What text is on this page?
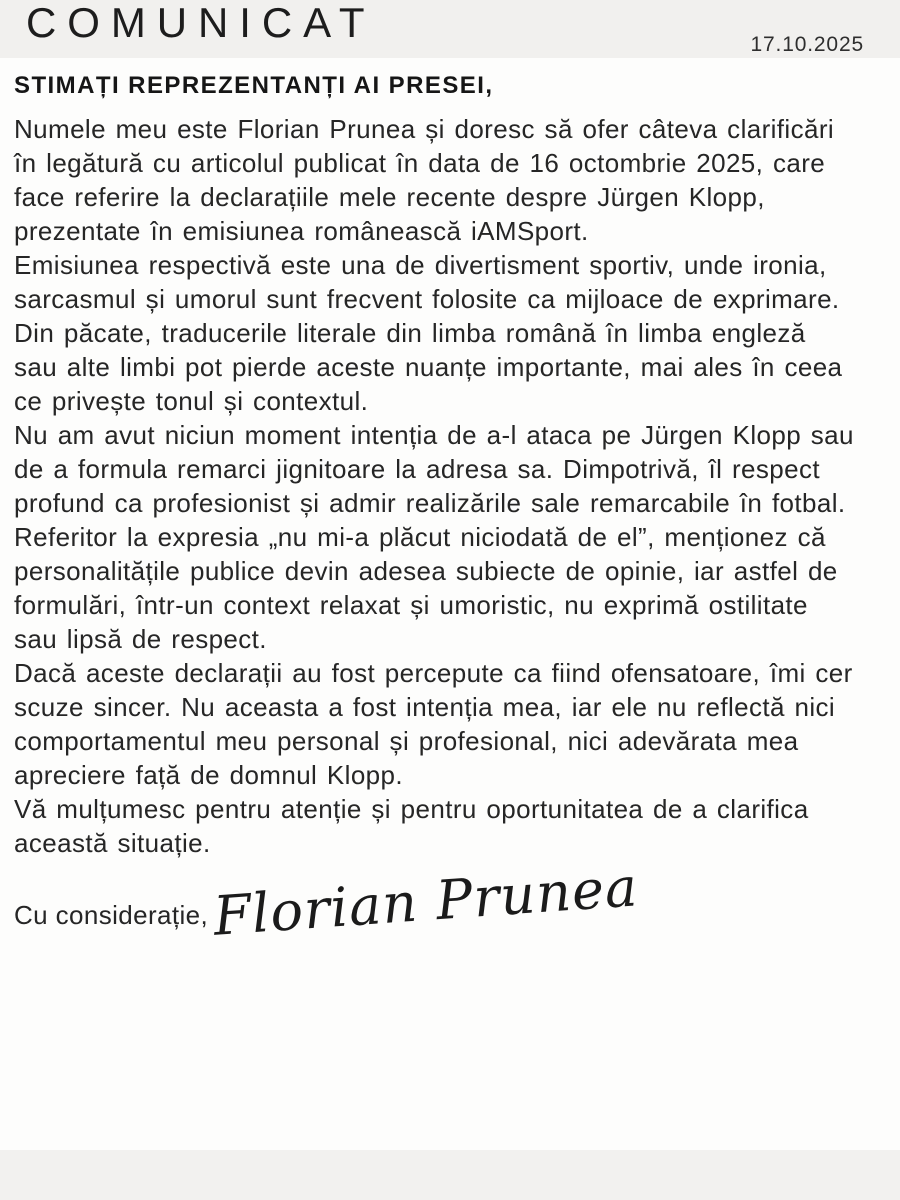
COMUNICAT	17.10.2025
STIMAȚI REPREZENTANȚI AI PRESEI,

Numele meu este Florian Prunea și doresc să ofer câteva clarificări în legătură cu articolul publicat în data de 16 octombrie 2025, care face referire la declarațiile mele recente despre Jürgen Klopp, prezentate în emisiunea românească iAMSport.

Emisiunea respectivă este una de divertisment sportiv, unde ironia, sarcasmul și umorul sunt frecvent folosite ca mijloace de exprimare. Din păcate, traducerile literale din limba română în limba engleză sau alte limbi pot pierde aceste nuanțe importante, mai ales în ceea ce privește tonul și contextul.

Nu am avut niciun moment intenția de a-l ataca pe Jürgen Klopp sau de a formula remarci jignitoare la adresa sa. Dimpotrivă, îl respect profund ca profesionist și admir realizările sale remarcabile în fotbal.

Referitor la expresia „nu mi-a plăcut niciodată de el”, menționez că personalitățile publice devin adesea subiecte de opinie, iar astfel de formulări, într-un context relaxat și umoristic, nu exprimă ostilitate sau lipsă de respect.

Dacă aceste declarații au fost percepute ca fiind ofensatoare, îmi cer scuze sincer. Nu aceasta a fost intenția mea, iar ele nu reflectă nici comportamentul meu personal și profesional, nici adevărata mea apreciere față de domnul Klopp.

Vă mulțumesc pentru atenție și pentru oportunitatea de a clarifica această situație.

Cu considerație, Florian Prunea
